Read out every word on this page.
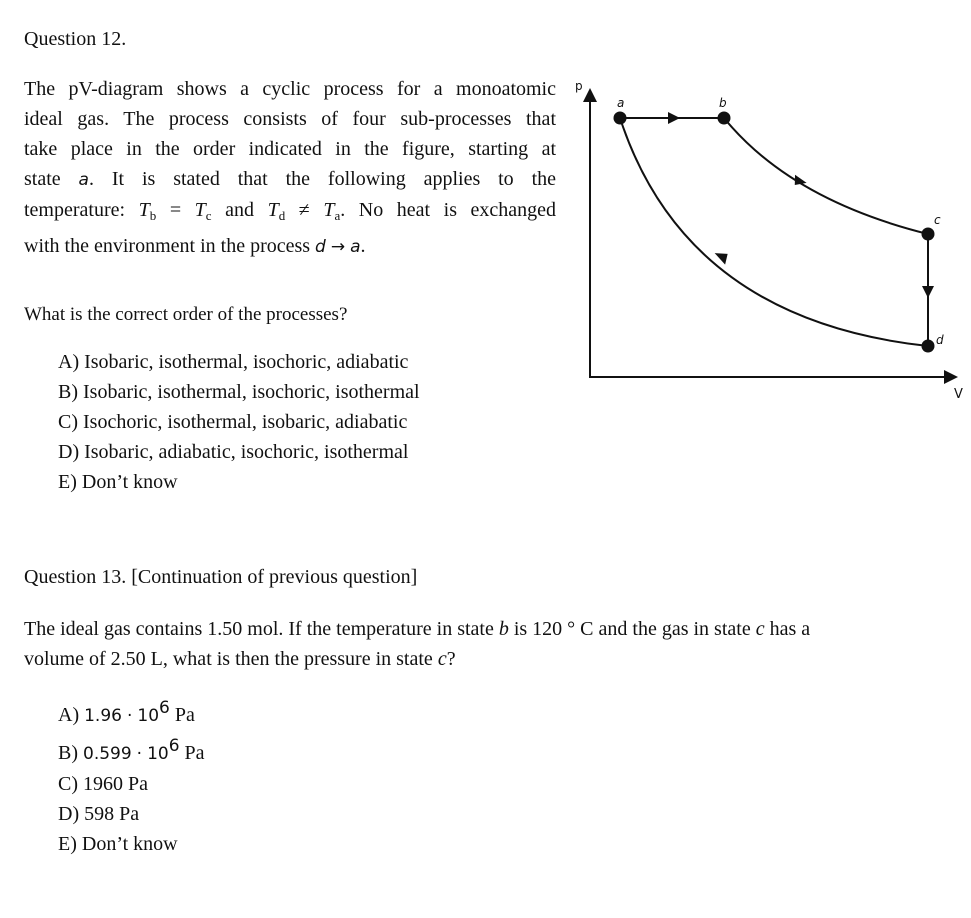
Question 12.
The pV-diagram shows a cyclic process for a monoatomic
ideal gas. The process consists of four sub-processes that
take place in the order indicated in the figure, starting at
state a. It is stated that the following applies to the
temperature: $T_b = T_c$ and $T_d \ne T_a$. No heat is exchanged
with the environment in the process d → a.
What is the correct order of the processes?
A) Isobaric, isothermal, isochoric, adiabatic
B) Isobaric, isothermal, isochoric, isothermal
C) Isochoric, isothermal, isobaric, adiabatic
D) Isobaric, adiabatic, isochoric, isothermal
E) Don’t know
p
V
a	b
c
d
Question 13. [Continuation of previous question]
The ideal gas contains 1.50 mol. If the temperature in state b is 120 ° C and the gas in state c has a
volume of 2.50 L, what is then the pressure in state c?
A) $1.96 \cdot 10^6$ Pa
B) $0.599 \cdot 10^6$ Pa
C) 1960 Pa
D) 598 Pa
E) Don’t know
